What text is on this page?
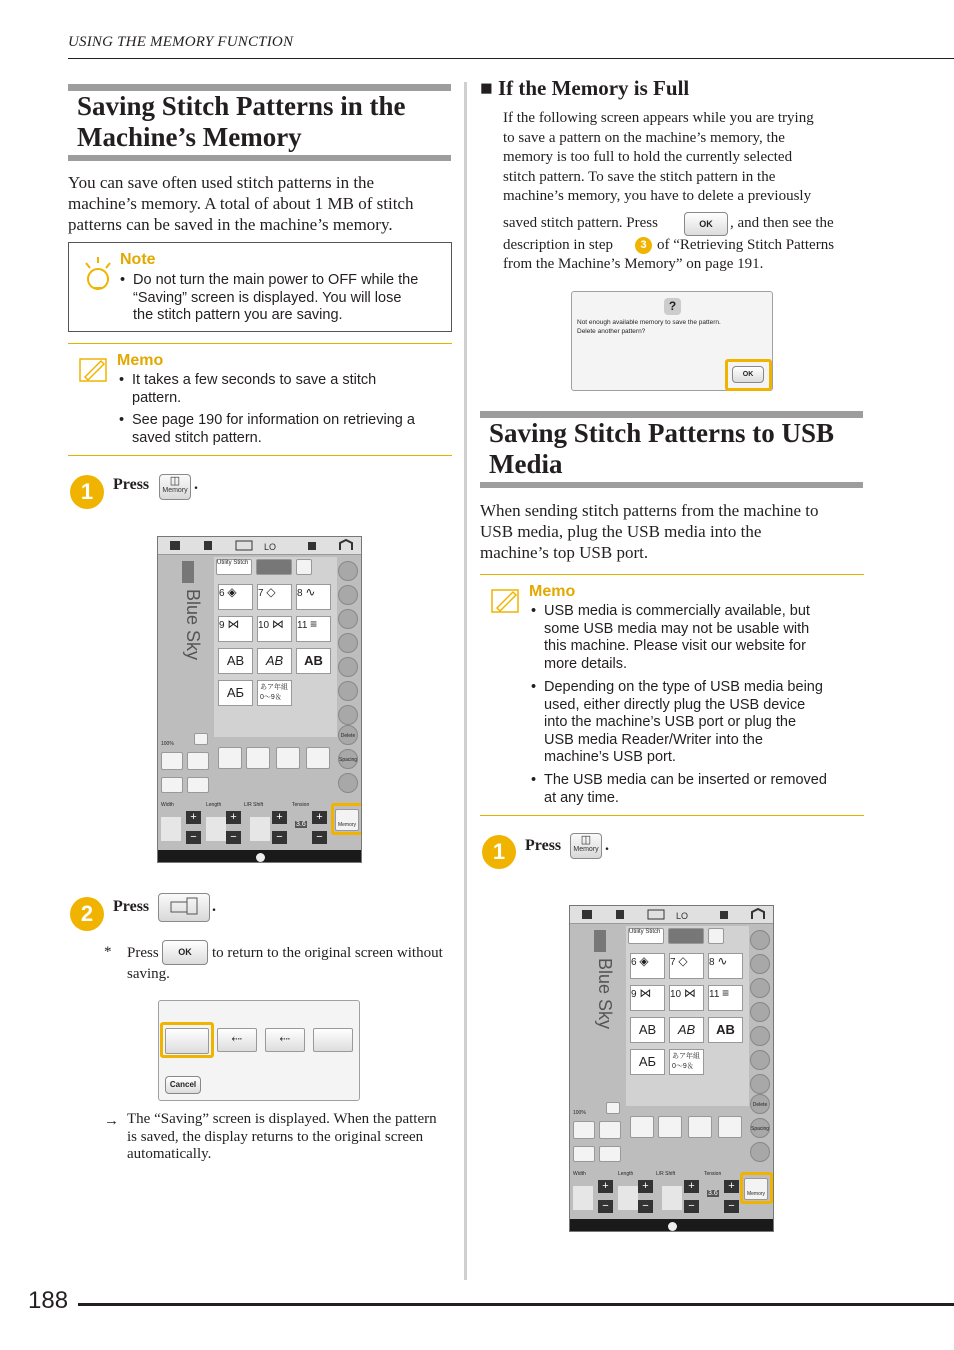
USING THE MEMORY FUNCTION
Saving Stitch Patterns in the
Machine’s Memory
You can save often used stitch patterns in the
machine’s memory. A total of about 1 MB of stitch
patterns can be saved in the machine’s memory.
Note
• Do not turn the main power to OFF while the
“Saving” screen is displayed. You will lose
the stitch pattern you are saving.
Memo
• It takes a few seconds to save a stitch
pattern.
• See page 190 for information on retrieving a
saved stitch pattern.
1	Press	◫
Memory .
LO
Blue Sky
Utility Stitch
6 ◈	7 ◇	8 ∿
9 ⋈	10 ⋈	11 ≡
AB	AB	AB
АБ	あア年組
0～9＆
Delete
Spacing
100%
Width	Length	L/R Shift	Tension
+
−
+
−
+
−
3.6
+
−
Memory
2	Press	.
* Press	OK	to return to the original screen without
saving.
⇠	⇠
Cancel
→ The “Saving” screen is displayed. When the pattern
is saved, the display returns to the original screen
automatically.
■ If the Memory is Full
If the following screen appears while you are trying
to save a pattern on the machine’s memory, the
memory is too full to hold the currently selected
stitch pattern. To save the stitch pattern in the
machine’s memory, you have to delete a previously
saved stitch pattern. Press	OK	, and then see the
description in step	3 of “Retrieving Stitch Patterns
from the Machine’s Memory” on page 191.
?
Not enough available memory to save the pattern.
Delete another pattern?
OK
Saving Stitch Patterns to USB
Media
When sending stitch patterns from the machine to
USB media, plug the USB media into the
machine’s top USB port.
Memo
• USB media is commercially available, but
some USB media may not be usable with
this machine. Please visit our website for
more details.
• Depending on the type of USB media being
used, either directly plug the USB device
into the machine’s USB port or plug the
USB media Reader/Writer into the
machine’s USB port.
• The USB media can be inserted or removed
at any time.
1	Press	◫
Memory .
LO
Blue Sky
Utility Stitch
6 ◈	7 ◇	8 ∿
9 ⋈	10 ⋈	11 ≡
AB	AB	AB
АБ	あア年組
0～9＆
Delete
Spacing
100%
Width	Length	L/R Shift	Tension
+
−
+
−
+
−
3.6
+
−
Memory
188
